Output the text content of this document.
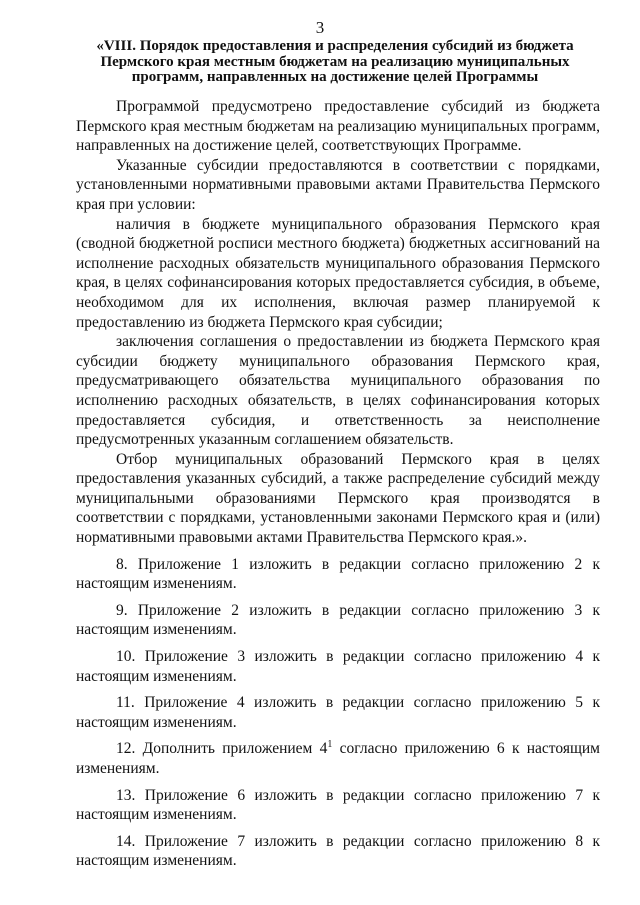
3
«VIII. Порядок предоставления и распределения субсидий из бюджета Пермского края местным бюджетам на реализацию муниципальных программ, направленных на достижение целей Программы

Программой предусмотрено предоставление субсидий из бюджета Пермского края местным бюджетам на реализацию муниципальных программ, направленных на достижение целей, соответствующих Программе.

Указанные субсидии предоставляются в соответствии с порядками, установленными нормативными правовыми актами Правительства Пермского края при условии:

наличия в бюджете муниципального образования Пермского края (сводной бюджетной росписи местного бюджета) бюджетных ассигнований на исполнение расходных обязательств муниципального образования Пермского края, в целях софинансирования которых предоставляется субсидия, в объеме, необходимом для их исполнения, включая размер планируемой к предоставлению из бюджета Пермского края субсидии;

заключения соглашения о предоставлении из бюджета Пермского края субсидии бюджету муниципального образования Пермского края, предусматривающего обязательства муниципального образования по исполнению расходных обязательств, в целях софинансирования которых предоставляется субсидия, и ответственность за неисполнение предусмотренных указанным соглашением обязательств.

Отбор муниципальных образований Пермского края в целях предоставления указанных субсидий, а также распределение субсидий между муниципальными образованиями Пермского края производятся в соответствии с порядками, установленными законами Пермского края и (или) нормативными правовыми актами Правительства Пермского края.».

8. Приложение 1 изложить в редакции согласно приложению 2 к настоящим изменениям.

9. Приложение 2 изложить в редакции согласно приложению 3 к настоящим изменениям.

10. Приложение 3 изложить в редакции согласно приложению 4 к настоящим изменениям.

11. Приложение 4 изложить в редакции согласно приложению 5 к настоящим изменениям.

12. Дополнить приложением $4^1$ согласно приложению 6 к настоящим изменениям.

13. Приложение 6 изложить в редакции согласно приложению 7 к настоящим изменениям.

14. Приложение 7 изложить в редакции согласно приложению 8 к настоящим изменениям.
